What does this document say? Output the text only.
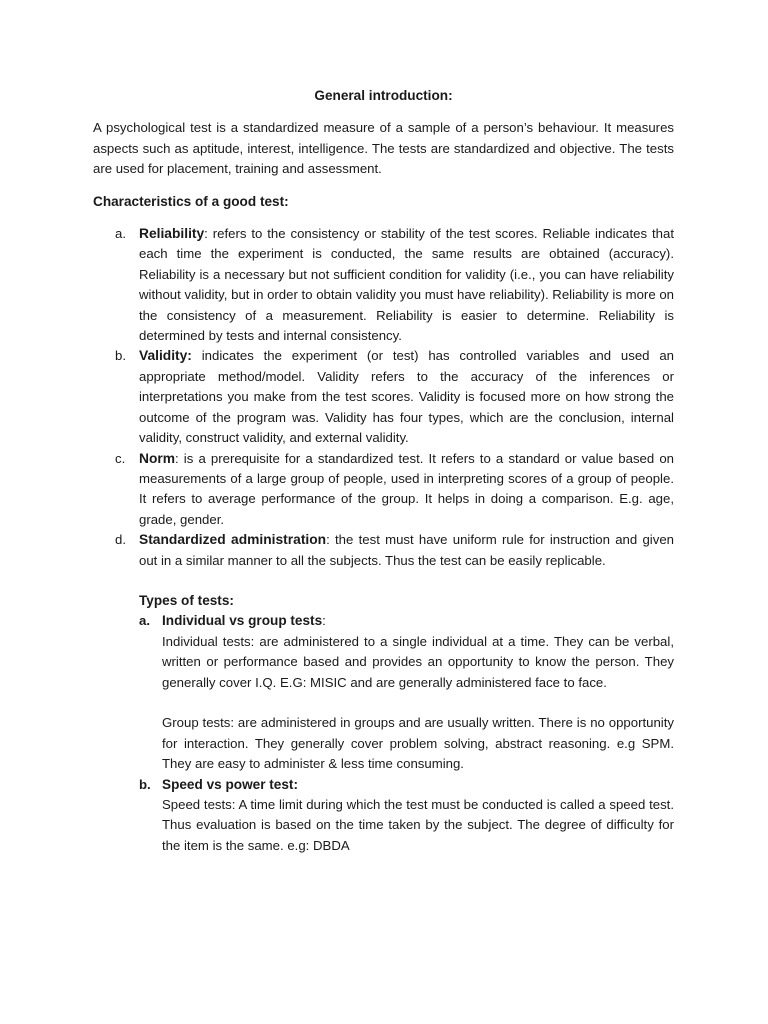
General introduction:

A psychological test is a standardized measure of a sample of a person’s behaviour. It measures aspects such as aptitude, interest, intelligence. The tests are standardized and objective. The tests are used for placement, training and assessment.

Characteristics of a good test:

a. Reliability: refers to the consistency or stability of the test scores. Reliable indicates that each time the experiment is conducted, the same results are obtained (accuracy). Reliability is a necessary but not sufficient condition for validity (i.e., you can have reliability without validity, but in order to obtain validity you must have reliability). Reliability is more on the consistency of a measurement. Reliability is easier to determine. Reliability is determined by tests and internal consistency.
b. Validity: indicates the experiment (or test) has controlled variables and used an appropriate method/model. Validity refers to the accuracy of the inferences or interpretations you make from the test scores. Validity is focused more on how strong the outcome of the program was. Validity has four types, which are the conclusion, internal validity, construct validity, and external validity.
c. Norm: is a prerequisite for a standardized test. It refers to a standard or value based on measurements of a large group of people, used in interpreting scores of a group of people. It refers to average performance of the group. It helps in doing a comparison. E.g. age, grade, gender.
d. Standardized administration: the test must have uniform rule for instruction and given out in a similar manner to all the subjects. Thus the test can be easily replicable.

Types of tests:

a. Individual vs group tests:

Individual tests: are administered to a single individual at a time. They can be verbal, written or performance based and provides an opportunity to know the person. They generally cover I.Q. E.G: MISIC and are generally administered face to face.

Group tests: are administered in groups and are usually written. There is no opportunity for interaction. They generally cover problem solving, abstract reasoning. e.g SPM. They are easy to administer & less time consuming.

b. Speed vs power test:

Speed tests: A time limit during which the test must be conducted is called a speed test. Thus evaluation is based on the time taken by the subject. The degree of difficulty for the item is the same. e.g: DBDA
